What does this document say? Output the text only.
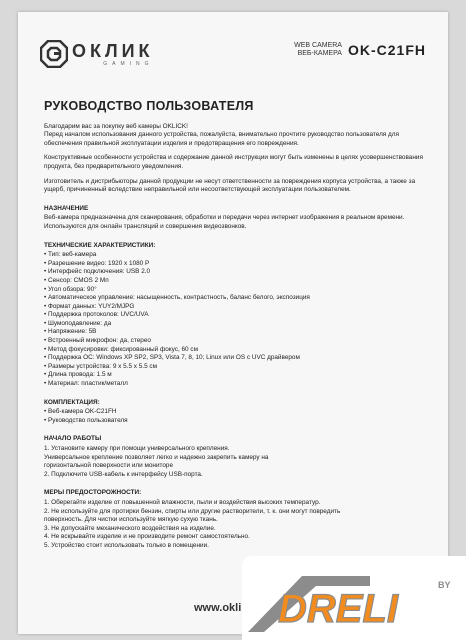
ОКЛИК
GAMING
WEB CAMERA
ВЕБ-КАМЕРА OK-C21FH
РУКОВОДСТВО ПОЛЬЗОВАТЕЛЯ
Благодарим вас за покупку веб камеры OKLICK!
Перед началом использования данного устройства, пожалуйста, внимательно прочтите руководство пользователя для обеспечения правильной эксплуатации изделия и предотвращения его повреждения.
Конструктивные особенности устройства и содержание данной инструкции могут быть изменены в целях усовершенствования продукта, без предварительного уведомления.
Изготовитель и дистрибьюторы данной продукции не несут ответственности за повреждения корпуса устройства, а также за ущерб, причиненный вследствие неправильной или несоответствующей эксплуатации пользователем.
НАЗНАЧЕНИЕ
Веб-камера предназначена для сканирования, обработки и передачи через интернет изображения в реальном времени. Используются для онлайн трансляций и совершения видеозвонков.
ТЕХНИЧЕСКИЕ ХАРАКТЕРИСТИКИ:
• Тип: веб-камера
• Разрешение видео: 1920 х 1080 Р
• Интерфейс подключения: USB 2.0
• Сенсор: CMOS 2 Мп
• Угол обзора: 90°
• Автоматическое управление: насыщенность, контрастность, баланс белого, экспозиция
• Формат данных: YUY2/MJPG
• Поддержка протоколов: UVC/UVA
• Шумоподавление: да
• Напряжение: 5В
• Встроенный микрофон: да, стерео
• Метод фокусировки: фиксированный фокус, 60 см
• Поддержка ОС: Windows XP SP2, SP3, Vista 7, 8, 10; Linux или OS с UVC драйвером
• Размеры устройства: 9 х 5.5 х 5.5 см
• Длина провода: 1.5 м
• Материал: пластик/металл
КОМПЛЕКТАЦИЯ:
• Веб-камера OK-C21FH
• Руководство пользователя
НАЧАЛО РАБОТЫ
1. Установите камеру при помощи универсального крепления.
Универсальное крепление позволяет легко и надежно закрепить камеру на
горизонтальной поверхности или мониторе
2. Подключите USB-кабель к интерфейсу USB-порта.
МЕРЫ ПРЕДОСТОРОЖНОСТИ:
1. Оберегайте изделие от повышенной влажности, пыли и воздействия высоких температур.
2. Не используйте для протирки бензин, спирты или другие растворители, т. к. они могут повредить
поверхность. Для чистки используйте мягкую сухую ткань.
3. Не допускайте механического воздействия на изделие.
4. Не вскрывайте изделие и не производите ремонт самостоятельно.
5. Устройство стоит использовать только в помещении.
www.okli DRELI
BY
